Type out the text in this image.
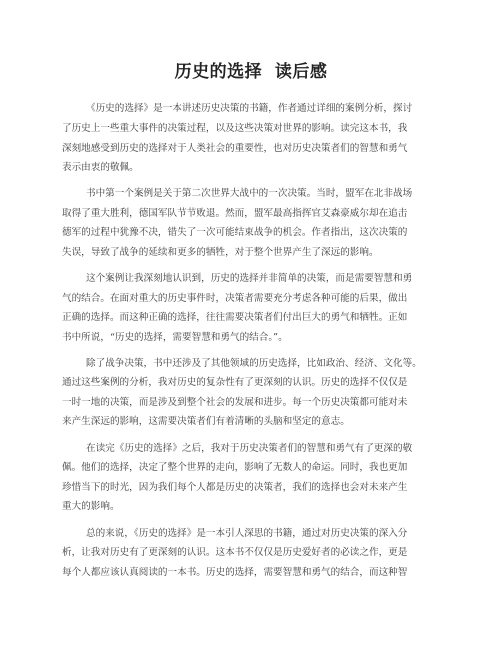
历史的选择  读后感
《历史的选择》是一本讲述历史决策的书籍，作者通过详细的案例分析，探讨
了历史上一些重大事件的决策过程，以及这些决策对世界的影响。读完这本书，我
深刻地感受到历史的选择对于人类社会的重要性，也对历史决策者们的智慧和勇气
表示由衷的敬佩。
书中第一个案例是关于第二次世界大战中的一次决策。当时，盟军在北非战场
取得了重大胜利，德国军队节节败退。然而，盟军最高指挥官艾森豪威尔却在追击
德军的过程中犹豫不决，错失了一次可能结束战争的机会。作者指出，这次决策的
失误，导致了战争的延续和更多的牺牲，对于整个世界产生了深远的影响。
这个案例让我深刻地认识到，历史的选择并非简单的决策，而是需要智慧和勇
气的结合。在面对重大的历史事件时，决策者需要充分考虑各种可能的后果，做出
正确的选择。而这种正确的选择，往往需要决策者们付出巨大的勇气和牺牲。正如
书中所说，“历史的选择，需要智慧和勇气的结合。”。
除了战争决策，书中还涉及了其他领域的历史选择，比如政治、经济、文化等。
通过这些案例的分析，我对历史的复杂性有了更深刻的认识。历史的选择不仅仅是
一时一地的决策，而是涉及到整个社会的发展和进步。每一个历史决策都可能对未
来产生深远的影响，这需要决策者们有着清晰的头脑和坚定的意志。
在读完《历史的选择》之后，我对于历史决策者们的智慧和勇气有了更深的敬
佩。他们的选择，决定了整个世界的走向，影响了无数人的命运。同时，我也更加
珍惜当下的时光，因为我们每个人都是历史的决策者，我们的选择也会对未来产生
重大的影响。
总的来说，《历史的选择》是一本引人深思的书籍，通过对历史决策的深入分
析，让我对历史有了更深刻的认识。这本书不仅仅是历史爱好者的必读之作，更是
每个人都应该认真阅读的一本书。历史的选择，需要智慧和勇气的结合，而这种智
